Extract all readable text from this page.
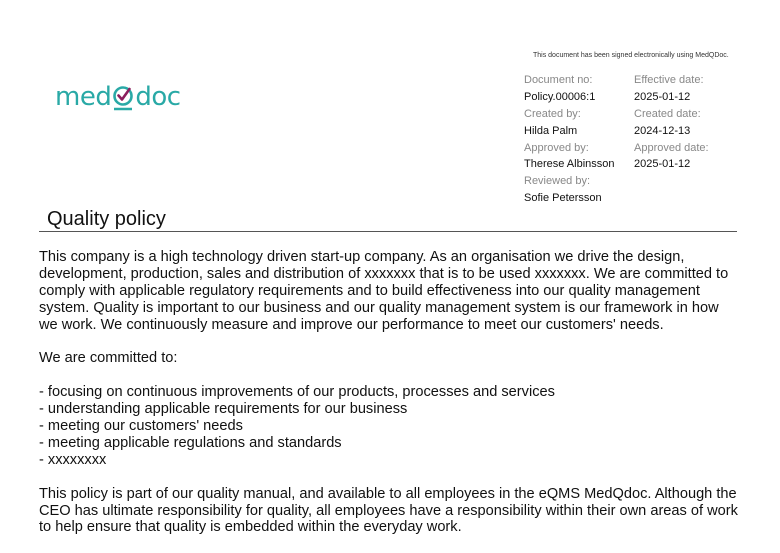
This document has been signed electronically using MedQDoc.
med doc
Document no:	Effective date:
Policy.00006:1	2025-01-12
Created by:	Created date:
Hilda Palm	2024-12-13
Approved by:	Approved date:
Therese Albinsson	2025-01-12
Reviewed by:
Sofie Petersson
Quality policy

This company is a high technology driven start-up company. As an organisation we drive the design, development, production, sales and distribution of xxxxxxx that is to be used xxxxxxx. We are committed to comply with applicable regulatory requirements and to build effectiveness into our quality management system. Quality is important to our business and our quality management system is our framework in how we work. We continuously measure and improve our performance to meet our customers' needs.

We are committed to:

- focusing on continuous improvements of our products, processes and services
- understanding applicable requirements for our business
- meeting our customers' needs
- meeting applicable regulations and standards
- xxxxxxxx

This policy is part of our quality manual, and available to all employees in the eQMS MedQdoc. Although the CEO has ultimate responsibility for quality, all employees have a responsibility within their own areas of work to help ensure that quality is embedded within the everyday work.
